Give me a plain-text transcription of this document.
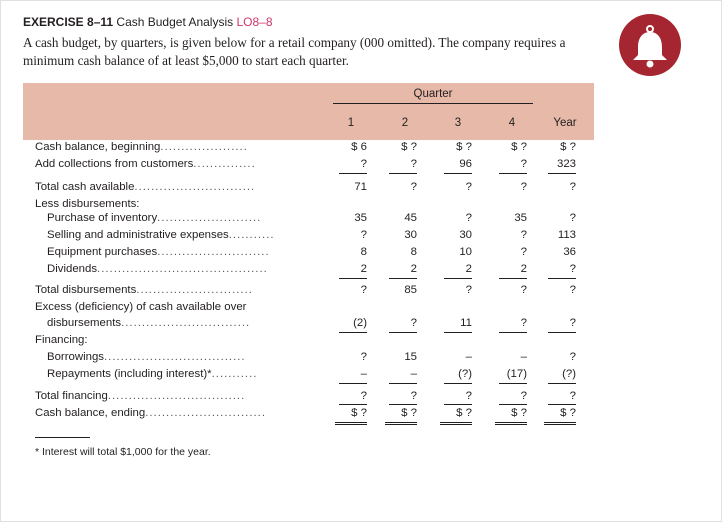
EXERCISE 8–11 Cash Budget Analysis LO8–8
A cash budget, by quarters, is given below for a retail company (000 omitted). The company requires a minimum cash balance of at least $5,000 to start each quarter.
Quarter
1	2	3	4	Year
Cash balance, beginning.....................	$ 6	$ ?	$ ?	$ ?	$ ?
Add collections from customers...............	?	?	96	?	323
Total cash available.............................	71	?	?	?	?
Less disbursements:
Purchase of inventory.........................	35	45	?	35	?
Selling and administrative expenses...........	?	30	30	?	113
Equipment purchases...........................	8	8	10	?	36
Dividends.........................................	2	2	2	2	?
Total disbursements............................	?	85	?	?	?
Excess (deficiency) of cash available over
disbursements...............................	(2)	?	11	?	?
Financing:
Borrowings..................................	?	15	–	–	?
Repayments (including interest)*...........	–	–	(?)	(17)	(?)
Total financing.................................	?	?	?	?	?
Cash balance, ending.............................	$ ?	$ ?	$ ?	$ ?	$ ?
* Interest will total $1,000 for the year.
